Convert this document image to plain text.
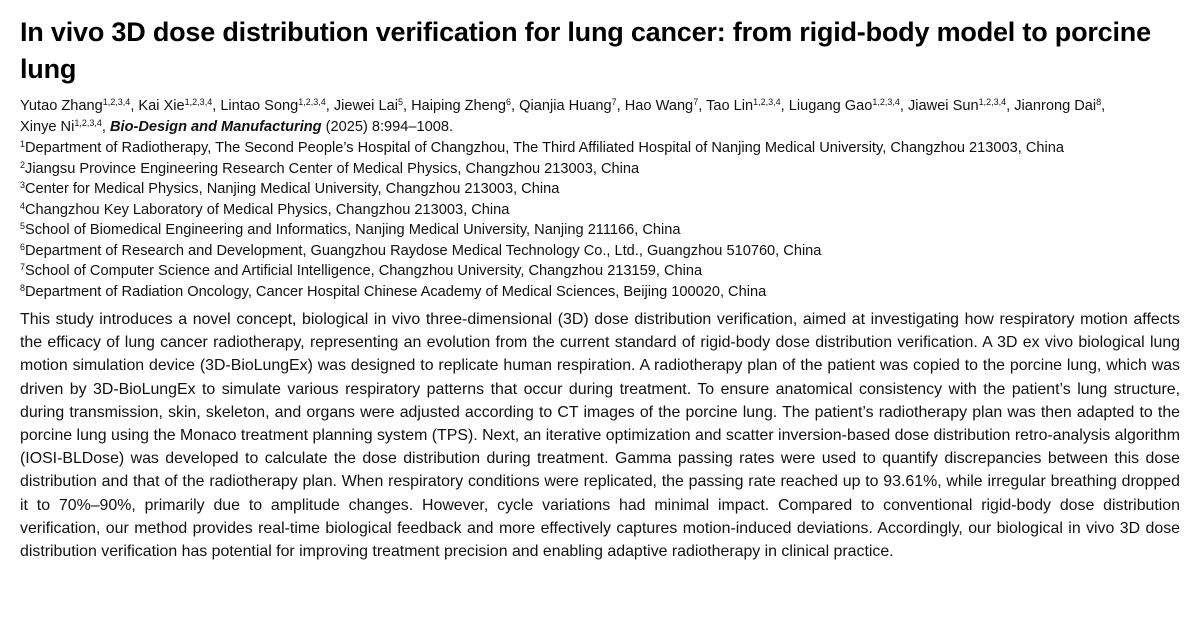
In vivo 3D dose distribution verification for lung cancer: from rigid-body model to porcine lung

Yutao Zhang$^{1,2,3,4}$, Kai Xie$^{1,2,3,4}$, Lintao Song$^{1,2,3,4}$, Jiewei Lai$^5$, Haiping Zheng$^6$, Qianjia Huang$^7$, Hao Wang$^7$, Tao Lin$^{1,2,3,4}$, Liugang Gao$^{1,2,3,4}$, Jiawei Sun$^{1,2,3,4}$, Jianrong Dai$^8$, Xinye Ni$^{1,2,3,4}$, Bio-Design and Manufacturing (2025) 8:994–1008.

$^1$Department of Radiotherapy, The Second People’s Hospital of Changzhou, The Third Affiliated Hospital of Nanjing Medical University, Changzhou 213003, China
$^2$Jiangsu Province Engineering Research Center of Medical Physics, Changzhou 213003, China
$^3$Center for Medical Physics, Nanjing Medical University, Changzhou 213003, China
$^4$Changzhou Key Laboratory of Medical Physics, Changzhou 213003, China
$^5$School of Biomedical Engineering and Informatics, Nanjing Medical University, Nanjing 211166, China
$^6$Department of Research and Development, Guangzhou Raydose Medical Technology Co., Ltd., Guangzhou 510760, China
$^7$School of Computer Science and Artificial Intelligence, Changzhou University, Changzhou 213159, China
$^8$Department of Radiation Oncology, Cancer Hospital Chinese Academy of Medical Sciences, Beijing 100020, China

This study introduces a novel concept, biological in vivo three-dimensional (3D) dose distribution verification, aimed at investigating how respiratory motion affects the efficacy of lung cancer radiotherapy, representing an evolution from the current standard of rigid-body dose distribution verification. A 3D ex vivo biological lung motion simulation device (3D-BioLungEx) was designed to replicate human respiration. A radiotherapy plan of the patient was copied to the porcine lung, which was driven by 3D-BioLungEx to simulate various respiratory patterns that occur during treatment. To ensure anatomical consistency with the patient’s lung structure, during transmission, skin, skeleton, and organs were adjusted according to CT images of the porcine lung. The patient’s radiotherapy plan was then adapted to the porcine lung using the Monaco treatment planning system (TPS). Next, an iterative optimization and scatter inversion-based dose distribution retro-analysis algorithm (IOSI-BLDose) was developed to calculate the dose distribution during treatment. Gamma passing rates were used to quantify discrepancies between this dose distribution and that of the radiotherapy plan. When respiratory conditions were replicated, the passing rate reached up to 93.61%, while irregular breathing dropped it to 70%–90%, primarily due to amplitude changes. However, cycle variations had minimal impact. Compared to conventional rigid-body dose distribution verification, our method provides real-time biological feedback and more effectively captures motion-induced deviations. Accordingly, our biological in vivo 3D dose distribution verification has potential for improving treatment precision and enabling adaptive radiotherapy in clinical practice.
